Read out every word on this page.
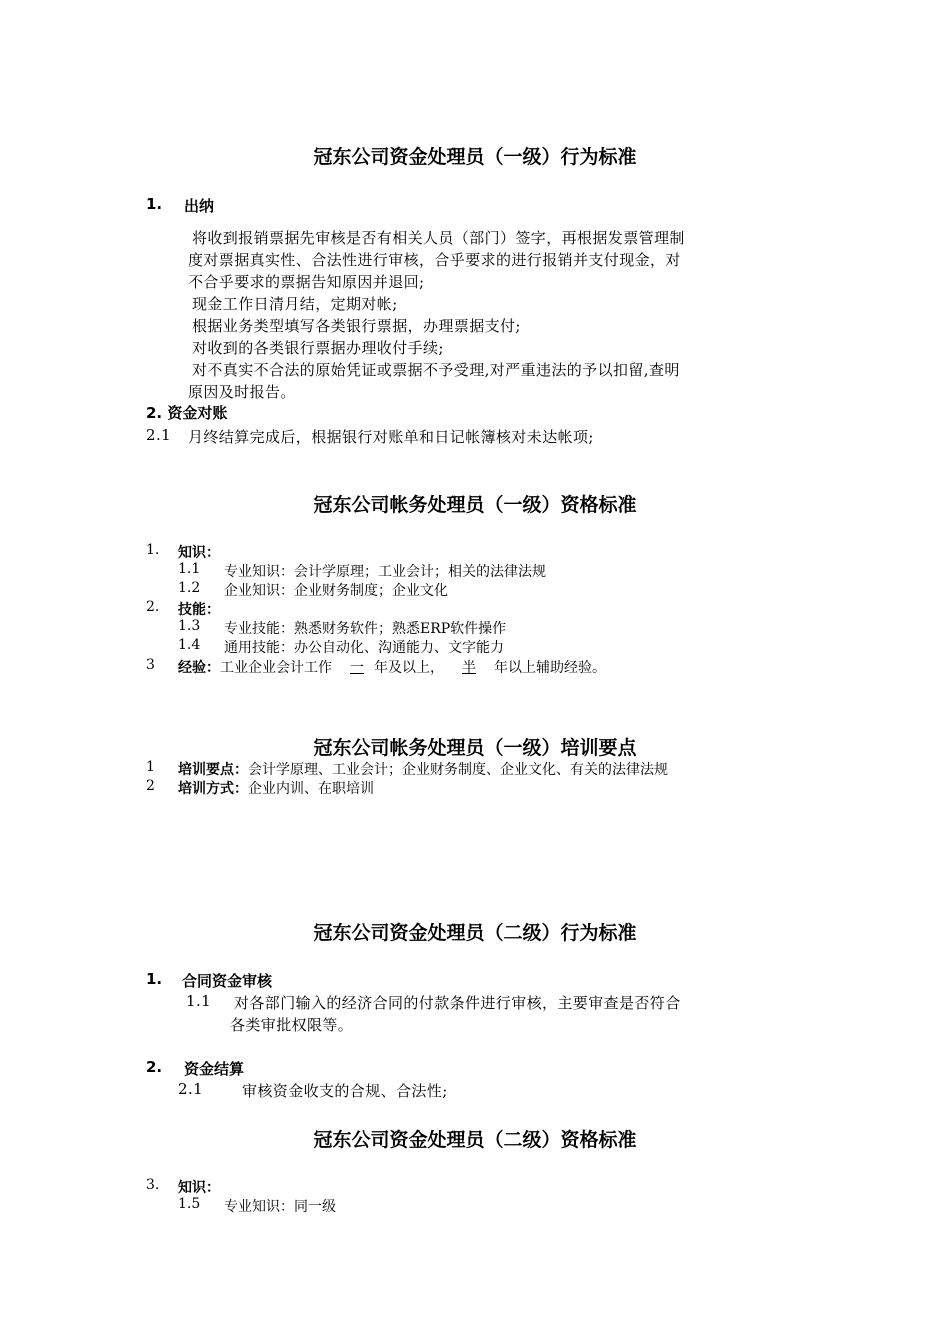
冠东公司资金处理员（一级）行为标准
1. 出纳
将收到报销票据先审核是否有相关人员（部门）签字，再根据发票管理制
度对票据真实性、合法性进行审核，合乎要求的进行报销并支付现金，对
不合乎要求的票据告知原因并退回;
现金工作日清月结，定期对帐;
根据业务类型填写各类银行票据，办理票据支付;
对收到的各类银行票据办理收付手续;
对不真实不合法的原始凭证或票据不予受理,对严重违法的予以扣留,查明
原因及时报告。
2. 资金对账
2.1 月终结算完成后，根据银行对账单和日记帐簿核对未达帐项;
冠东公司帐务处理员（一级）资格标准
1. 知识：
1.1 专业知识：会计学原理；工业会计；相关的法律法规
1.2 企业知识：企业财务制度；企业文化
2. 技能：
1.3 专业技能：熟悉财务软件；熟悉ERP软件操作
1.4 通用技能：办公自动化、沟通能力、文字能力
3 经验：工业企业会计工作 一 年及以上， 半 年以上辅助经验。
冠东公司帐务处理员（一级）培训要点
1 培训要点：会计学原理、工业会计；企业财务制度、企业文化、有关的法律法规
2 培训方式：企业内训、在职培训
冠东公司资金处理员（二级）行为标准
1. 合同资金审核
1.1 对各部门输入的经济合同的付款条件进行审核，主要审查是否符合
各类审批权限等。
2. 资金结算
2.1	审核资金收支的合规、合法性;
冠东公司资金处理员（二级）资格标准
3. 知识：
1.5 专业知识：同一级
